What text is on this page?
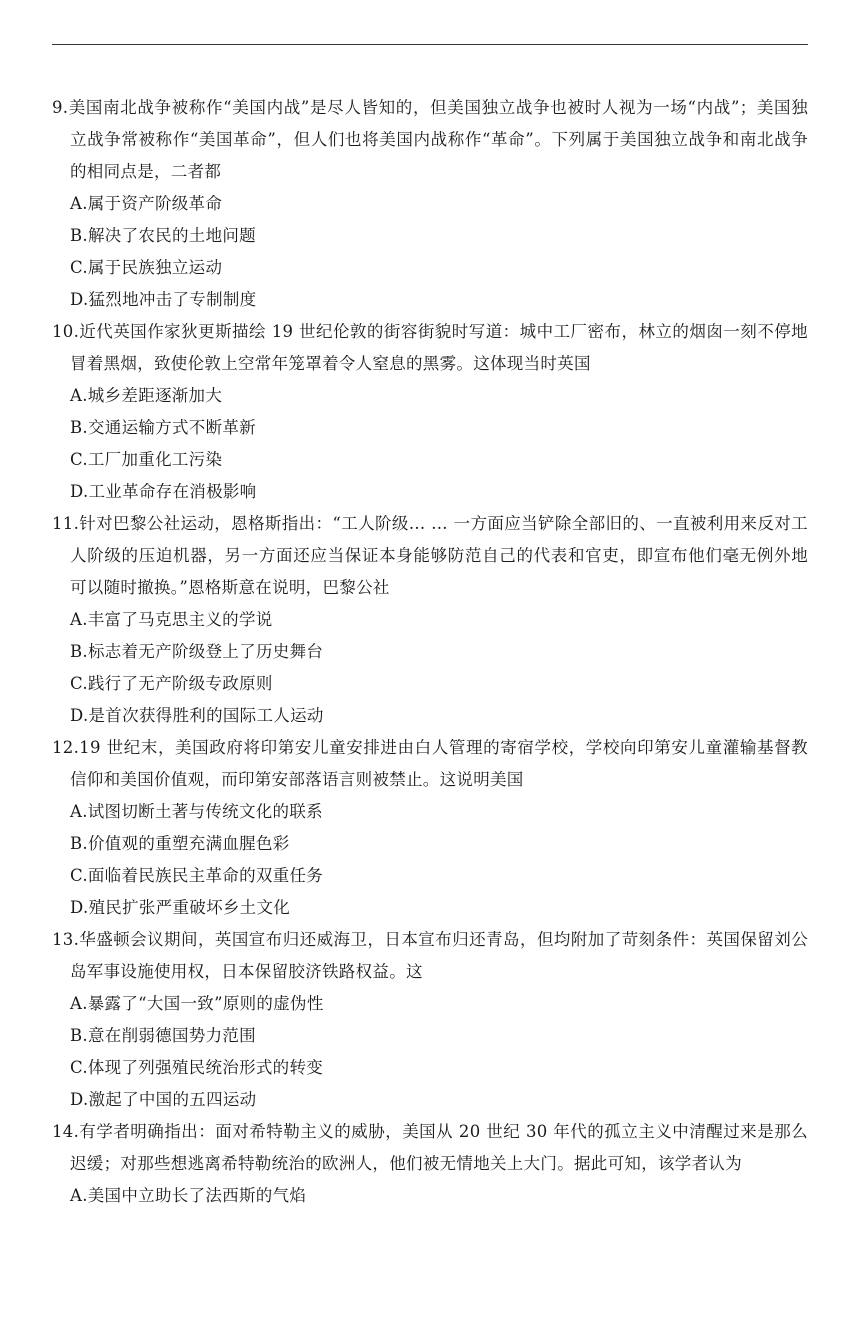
9.美国南北战争被称作“美国内战”是尽人皆知的，但美国独立战争也被时人视为一场“内战”；美国独立战争常被称作“美国革命”，但人们也将美国内战称作“革命”。下列属于美国独立战争和南北战争的相同点是，二者都
A.属于资产阶级革命
B.解决了农民的土地问题
C.属于民族独立运动
D.猛烈地冲击了专制制度
10.近代英国作家狄更斯描绘 19 世纪伦敦的街容街貌时写道：城中工厂密布，林立的烟囱一刻不停地冒着黑烟，致使伦敦上空常年笼罩着令人窒息的黑雾。这体现当时英国
A.城乡差距逐渐加大
B.交通运输方式不断革新
C.工厂加重化工污染
D.工业革命存在消极影响
11.针对巴黎公社运动，恩格斯指出：“工人阶级… … 一方面应当铲除全部旧的、一直被利用来反对工人阶级的压迫机器，另一方面还应当保证本身能够防范自己的代表和官吏，即宣布他们毫无例外地可以随时撤换。”恩格斯意在说明，巴黎公社
A.丰富了马克思主义的学说
B.标志着无产阶级登上了历史舞台
C.践行了无产阶级专政原则
D.是首次获得胜利的国际工人运动
12.19 世纪末，美国政府将印第安儿童安排进由白人管理的寄宿学校，学校向印第安儿童灌输基督教信仰和美国价值观，而印第安部落语言则被禁止。这说明美国
A.试图切断土著与传统文化的联系
B.价值观的重塑充满血腥色彩
C.面临着民族民主革命的双重任务
D.殖民扩张严重破坏乡土文化
13.华盛顿会议期间，英国宣布归还威海卫，日本宣布归还青岛，但均附加了苛刻条件：英国保留刘公岛军事设施使用权，日本保留胶济铁路权益。这
A.暴露了“大国一致”原则的虚伪性
B.意在削弱德国势力范围
C.体现了列强殖民统治形式的转变
D.激起了中国的五四运动
14.有学者明确指出：面对希特勒主义的威胁，美国从 20 世纪 30 年代的孤立主义中清醒过来是那么迟缓；对那些想逃离希特勒统治的欧洲人，他们被无情地关上大门。据此可知，该学者认为
A.美国中立助长了法西斯的气焰
